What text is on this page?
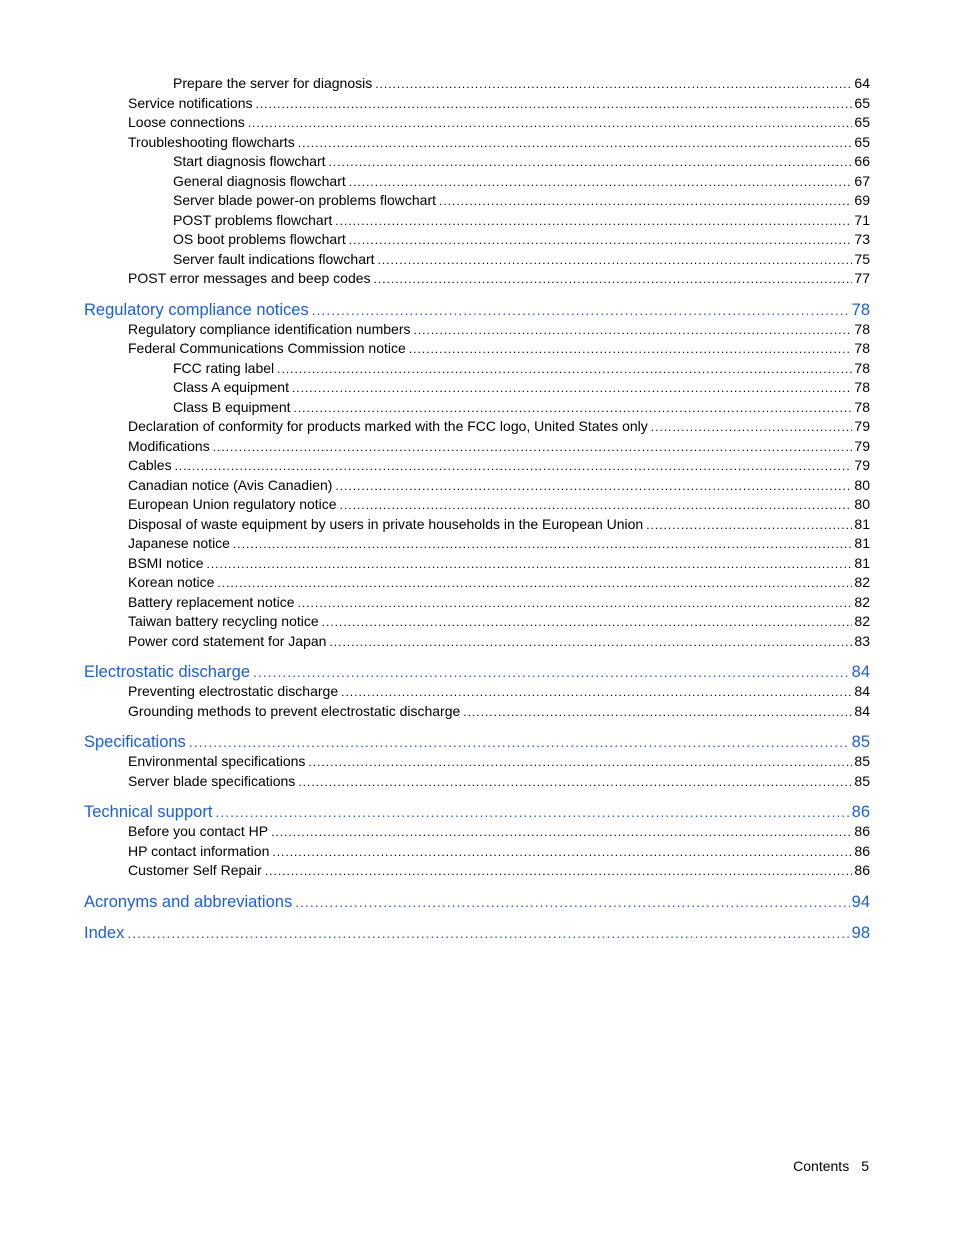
Prepare the server for diagnosis .....	64
Service notifications .....	65
Loose connections .....	65
Troubleshooting flowcharts .....	65
Start diagnosis flowchart .....	66
General diagnosis flowchart .....	67
Server blade power-on problems flowchart .....	69
POST problems flowchart .....	71
OS boot problems flowchart .....	73
Server fault indications flowchart .....	75
POST error messages and beep codes .....	77
Regulatory compliance notices .....	78
Regulatory compliance identification numbers .....	78
Federal Communications Commission notice .....	78
FCC rating label .....	78
Class A equipment .....	78
Class B equipment .....	78
Declaration of conformity for products marked with the FCC logo, United States only .....	79
Modifications .....	79
Cables .....	79
Canadian notice (Avis Canadien) .....	80
European Union regulatory notice .....	80
Disposal of waste equipment by users in private households in the European Union .....	81
Japanese notice .....	81
BSMI notice .....	81
Korean notice .....	82
Battery replacement notice .....	82
Taiwan battery recycling notice .....	82
Power cord statement for Japan .....	83
Electrostatic discharge .....	84
Preventing electrostatic discharge .....	84
Grounding methods to prevent electrostatic discharge .....	84
Specifications .....	85
Environmental specifications .....	85
Server blade specifications .....	85
Technical support .....	86
Before you contact HP .....	86
HP contact information .....	86
Customer Self Repair .....	86
Acronyms and abbreviations .....	94
Index .....	98
Contents 5
